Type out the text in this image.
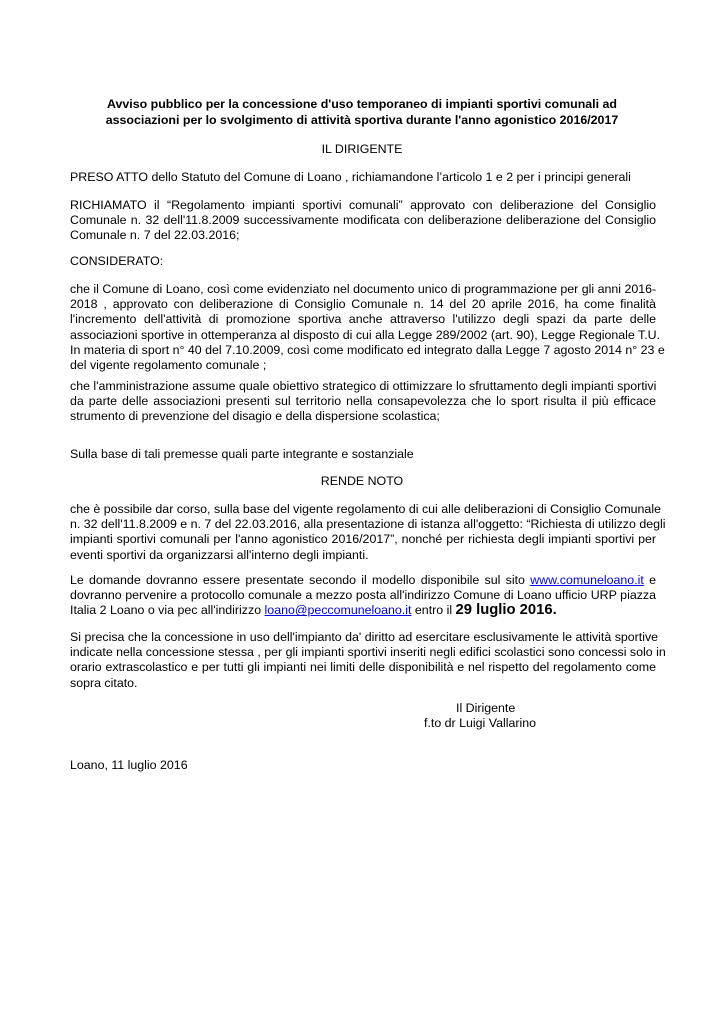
Avviso pubblico per la concessione d'uso temporaneo di impianti sportivi comunali ad
associazioni per lo svolgimento di attività sportiva durante l'anno agonistico 2016/2017
IL DIRIGENTE
PRESO ATTO dello Statuto del Comune di Loano , richiamandone l’articolo 1 e 2 per i principi generali
RICHIAMATO il “Regolamento impianti sportivi comunali” approvato con deliberazione del Consiglio
Comunale n. 32 dell'11.8.2009 successivamente modificata con deliberazione deliberazione del Consiglio
Comunale n. 7 del 22.03.2016;
CONSIDERATO:
che il Comune di Loano, così come evidenziato nel documento unico di programmazione per gli anni 2016-
2018 , approvato con deliberazione di Consiglio Comunale n. 14 del 20 aprile 2016, ha come finalità
l'incremento dell'attività di promozione sportiva anche attraverso l'utilizzo degli spazi da parte delle
associazioni sportive in ottemperanza al disposto di cui alla Legge 289/2002 (art. 90), Legge Regionale T.U.
In materia di sport n° 40 del 7.10.2009, così come modificato ed integrato dalla Legge 7 agosto 2014 n° 23 e
del vigente regolamento comunale ;
che l'amministrazione assume quale obiettivo strategico di ottimizzare lo sfruttamento degli impianti sportivi
da parte delle associazioni presenti sul territorio nella consapevolezza che lo sport risulta il più efficace
strumento di prevenzione del disagio e della dispersione scolastica;
Sulla base di tali premesse quali parte integrante e sostanziale
RENDE NOTO
che è possibile dar corso, sulla base del vigente regolamento di cui alle deliberazioni di Consiglio Comunale
n. 32 dell'11.8.2009 e n. 7 del 22.03.2016, alla presentazione di istanza all'oggetto: “Richiesta di utilizzo degli
impianti sportivi comunali per l'anno agonistico 2016/2017”, nonché per richiesta degli impianti sportivi per
eventi sportivi da organizzarsi all'interno degli impianti.
Le domande dovranno essere presentate secondo il modello disponibile sul sito www.comuneloano.it e
dovranno pervenire a protocollo comunale a mezzo posta all'indirizzo Comune di Loano ufficio URP piazza
Italia 2 Loano o via pec all'indirizzo loano@peccomuneloano.it entro il 29 luglio 2016.
Si precisa che la concessione in uso dell'impianto da' diritto ad esercitare esclusivamente le attività sportive
indicate nella concessione stessa , per gli impianti sportivi inseriti negli edifici scolastici sono concessi solo in
orario extrascolastico e per tutti gli impianti nei limiti delle disponibilità e nel rispetto del regolamento come
sopra citato.
Il Dirigente
f.to dr Luigi Vallarino
Loano, 11 luglio 2016
